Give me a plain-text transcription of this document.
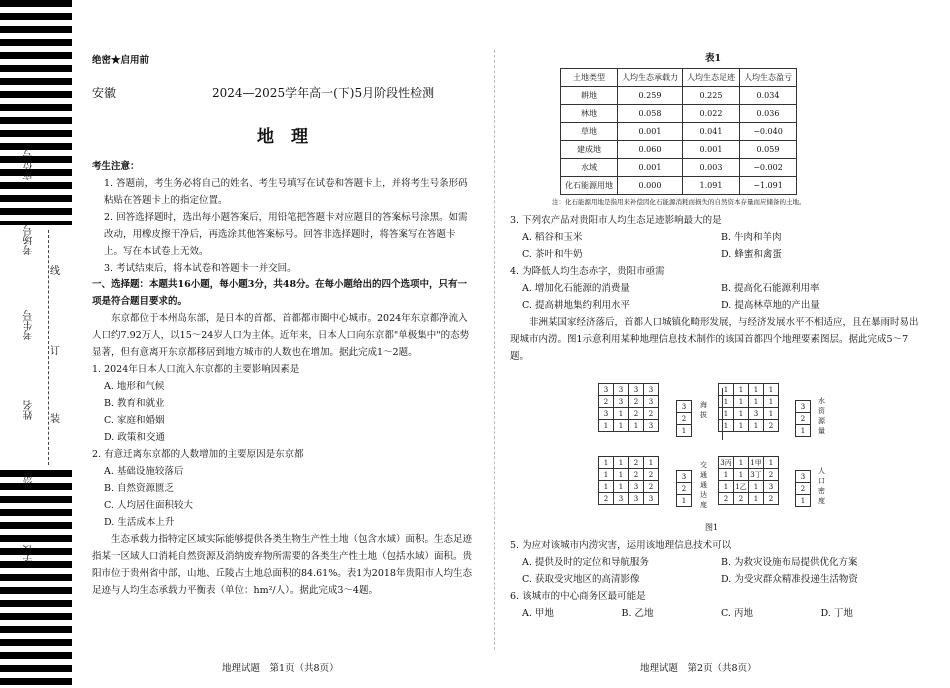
座位号
考场号
考生号
姓名
班级
学校
线
订
装
绝密★启用前
安徽	2024—2025学年高一(下)5月阶段性检测
地　理

考生注意：

1. 答题前，考生务必将自己的姓名、考生号填写在试卷和答题卡上，并将考生号条形码粘贴在答题卡上的指定位置。

2. 回答选择题时，选出每小题答案后，用铅笔把答题卡对应题目的答案标号涂黑。如需改动，用橡皮擦干净后，再选涂其他答案标号。回答非选择题时，将答案写在答题卡上。写在本试卷上无效。

3. 考试结束后，将本试卷和答题卡一并交回。

一、选择题：本题共16小题，每小题3分，共48分。在每小题给出的四个选项中，只有一项是符合题目要求的。

东京都位于本州岛东部，是日本的首都、首都都市圈中心城市。2024年东京都净流入人口约7.92万人，以15～24岁人口为主体。近年来，日本人口向东京都"单极集中"的态势显著，但有意离开东京都移居到地方城市的人数也在增加。据此完成1～2题。

1. 2024年日本人口流入东京都的主要影响因素是

A. 地形和气候

B. 教育和就业

C. 家庭和婚姻

D. 政策和交通

2. 有意迁离东京都的人数增加的主要原因是东京都

A. 基础设施较落后

B. 自然资源匮乏

C. 人均居住面积较大

D. 生活成本上升

生态承载力指特定区域实际能够提供各类生物生产性土地（包含水域）面积。生态足迹指某一区域人口消耗自然资源及消纳废弃物所需要的各类生产性土地（包括水域）面积。贵阳市位于贵州省中部，山地、丘陵占土地总面积的84.61%。表1为2018年贵阳市人均生态足迹与人均生态承载力平衡表（单位：hm²/人）。据此完成3～4题。

地理试题　第1页（共8页）
表1
土地类型	人均生态承载力	人均生态足迹	人均生态盈亏
耕地	0.259	0.225	0.034
林地	0.058	0.022	0.036
草地	0.001	0.041	−0.040
建成地	0.060	0.001	0.059
水域	0.001	0.003	−0.002
化石能源用地	0.000	1.091	−1.091
注：化石能源用地是指用来补偿因化石能源消耗而损失的自然资本存量而应储备的土地。

3. 下列农产品对贵阳市人均生态足迹影响最大的是

A. 稻谷和玉米	B. 牛肉和羊肉

C. 茶叶和牛奶	D. 蜂蜜和禽蛋

4. 为降低人均生态赤字，贵阳市亟需

A. 增加化石能源的消费量	B. 提高化石能源利用率

C. 提高耕地集约利用水平	D. 提高林草地的产出量

非洲某国家经济落后，首都人口城镇化畸形发展，与经济发展水平不相适应，且在暴雨时易出现城市内涝。图1示意利用某种地理信息技术制作的该国首都四个地理要素图层。据此完成5～7题。

3	3	3	3
2	3	2	3
3	1	2	2
1	1	1	3
3
2
1
海拔
1	1	1	1
1	1	1	1
1	1	3	1
1	1	1	2
3
2
1
水资源量
1	1	2	1
1	1	2	2
1	1	3	2
2	3	3	3
3
2
1
交通通达度
3丙	1	1甲	1
1	1	3丁	2
1	1乙	1	3
2	2	1	2
3
2
1
人口密度
图1

5. 为应对该城市内涝灾害，运用该地理信息技术可以

A. 提供及时的定位和导航服务	B. 为救灾设施布局提供优化方案

C. 获取受灾地区的高清影像	D. 为受灾群众精准投递生活物资

6. 该城市的中心商务区最可能是

A. 甲地	B. 乙地	C. 丙地	D. 丁地

地理试题　第2页（共8页）
